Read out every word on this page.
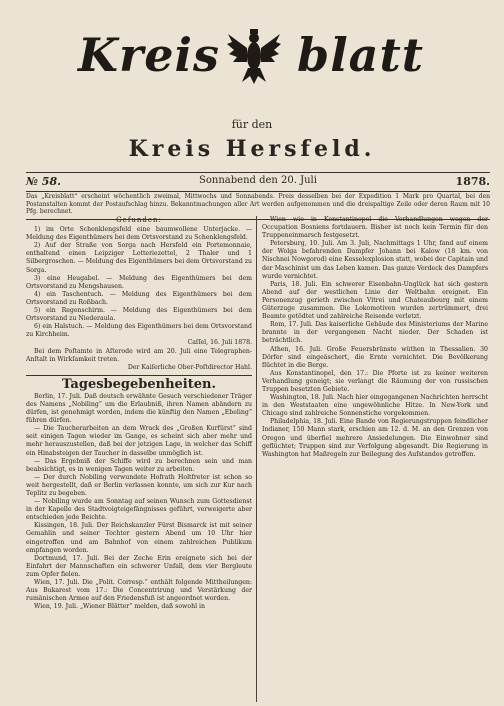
Kreis blatt
für den
Kreis Hersfeld.
№ 58.	Sonnabend den 20. Juli	1878.
Das „Kreisblatt“ erscheint wöchentlich zweimal, Mittwochs und Sonnabends. Preis desselben bei der Expedition 1 Mark pro Quartal, bei den Postanstalten kommt der Postaufschlag hinzu. Bekanntmachungen aller Art werden aufgenommen und die dreispaltige Zeile oder deren Raum mit 10 Pfg. berechnet.
Gefunden:

1) im Orte Schenklengsfeld eine baumwollene Unterjacke. — Meldung des Eigenthümers bei dem Ortsvorstand zu Schenklengsfeld.

2) Auf der Straße von Sorga nach Hersfeld ein Portemonnaie, enthaltend einen Leipziger Lotteriezettel, 2 Thaler und 1 Silbergroschen. — Meldung des Eigenthümers bei dem Ortsvorstand zu Sorga.

3) eine Heugabel. — Meldung des Eigenthümers bei dem Ortsvorstand zu Mengshausen.

4) ein Taschentuch. — Meldung des Eigenthümers bei dem Ortsvorstand zu Roßbach.

5) ein Regenschirm. — Meldung des Eigenthümers bei dem Ortsvorstand zu Niederaula.

6) ein Halstuch. — Meldung des Eigenthümers bei dem Ortsvorstand zu Kirchheim.

Caſſel, 16. Juli 1878.

Bei dem Poſtamte in Aſterode wird am 20. Juli eine Telegraphen-Anſtalt in Wirkſamkeit treten.

Der Kaiſerliche Ober-Poſtdirector Hahl.

Tagesbegebenheiten.

Berlin, 17. Juli. Daß deutsch erwähnte Gesuch verschiedener Träger des Namens „Nobiling“ um die Erlaubniß, ihren Namen abändern zu dürfen, ist genehmigt worden, indem die künftig den Namen „Ebeling“ führen dürfen.

— Die Taucherarbeiten an dem Wrack des „Großen Kurfürst“ sind seit einigen Tagen wieder im Gange, es scheint sich aber mehr und mehr herauszustellen, daß bei der jetzigen Lage, in welcher das Schiff ein Hinabsteigen der Taucher in dasselbe unmöglich ist.

— Das Ergebniß der Schiffe wird zu berechnen sein und man beabsichtigt, es in wenigen Tagen weiter zu arbeiten.

— Der durch Nobiling verwundete Hofrath Holtfreter ist schon so weit hergestellt, daß er Berlin verlassen konnte, um sich zur Kur nach Teplitz zu begeben.

— Nobiling wurde am Sonntag auf seinen Wunsch zum Gottesdienst in der Kapelle des Stadtvoigteigefängnisses geführt, verweigerte aber entschieden jede Beichte.

Kissingen, 18. Juli. Der Reichskanzler Fürst Bismarck ist mit seiner Gemahlin und seiner Tochter gestern Abend um 10 Uhr hier eingetroffen und am Bahnhof von einem zahlreichen Publikum empfangen worden.

Dortmund, 17. Juli. Bei der Zeche Erin ereignete sich bei der Einfahrt der Mannschaften ein schwerer Unfall, dem vier Bergleute zum Opfer fielen.

Wien, 17. Juli. Die „Polit. Corresp.“ enthält folgende Mittheilungen: Aus Bukarest vom 17.: Die Concentrirung und Verstärkung der rumänischen Armee auf den Friedensfuß ist angeordnet worden.

Wien, 19. Juli. „Wiener Blätter“ melden, daß sowohl in

Wien wie in Konstantinopel die Verhandlungen wegen der Occupation Bosniens fortdauern. Bisher ist noch kein Termin für den Truppeneinmarsch festgesetzt.

Petersburg, 10. Juli. Am 3. Juli, Nachmittags 1 Uhr, fand auf einem der Wolga befahrenden Dampfer Johann bei Kalow (18 km. von Nischnei Nowgorod) eine Kesselexplosion statt, wobei der Capitain und der Maschinist um das Leben kamen. Das ganze Verdeck des Dampfers wurde vernichtet.

Paris, 18. Juli. Ein schwerer Eisenbahn-Unglück hat sich gestern Abend auf der westlichen Linie der Weltbahn ereignet. Ein Personenzug gerieth zwischen Vitrei und Chateaubourg mit einem Güterzuge zusammen. Die Lokomotiven wurden zertrümmert, drei Beamte getödtet und zahlreiche Reisende verletzt.

Rom, 17. Juli. Das kaiserliche Gebäude des Ministeriums der Marine brannte in der vergangenen Nacht nieder. Der Schaden ist beträchtlich.

Athen, 16. Juli. Große Feuersbrünste wüthen in Thessalien. 30 Dörfer sind eingeäschert, die Ernte vernichtet. Die Bevölkerung flüchtet in die Berge.

Aus Konstantinopel, den 17.: Die Pforte ist zu keiner weiteren Verhandlung geneigt; sie verlangt die Räumung der von russischen Truppen besetzten Gebiete.

Washington, 18. Juli. Nach hier eingegangenen Nachrichten herrscht in den Weststaaten eine ungewöhnliche Hitze. In New-York und Chicago sind zahlreiche Sonnenstiche vorgekommen.

Philadelphia, 18. Juli. Eine Bande von Regierungstruppen feindlicher Indianer, 150 Mann stark, erschien am 12. d. M. an den Grenzen von Oregon und überfiel mehrere Ansiedelungen. Die Einwohner sind geflüchtet; Truppen sind zur Verfolgung abgesandt. Die Regierung in Washington hat Maßregeln zur Beilegung des Aufstandes getroffen.
